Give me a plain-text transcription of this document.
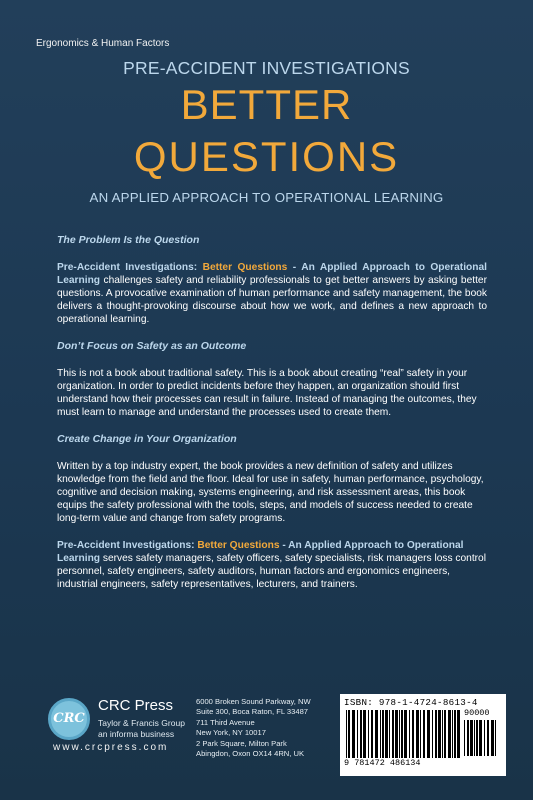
Ergonomics & Human Factors
PRE-ACCIDENT INVESTIGATIONS
BETTER
QUESTIONS
AN APPLIED APPROACH TO OPERATIONAL LEARNING
The Problem Is the Question
Pre-Accident Investigations: Better Questions - An Applied Approach to Operational Learning challenges safety and reliability professionals to get better answers by asking better questions. A provocative examination of human performance and safety management, the book delivers a thought-provoking discourse about how we work, and defines a new approach to operational learning.
Don’t Focus on Safety as an Outcome
This is not a book about traditional safety. This is a book about creating “real” safety in your organization. In order to predict incidents before they happen, an organization should first understand how their processes can result in failure. Instead of managing the outcomes, they must learn to manage and understand the processes used to create them.
Create Change in Your Organization
Written by a top industry expert, the book provides a new definition of safety and utilizes knowledge from the field and the floor. Ideal for use in safety, human performance, psychology, cognitive and decision making, systems engineering, and risk assessment areas, this book equips the safety professional with the tools, steps, and models of success needed to create long-term value and change from safety programs.
Pre-Accident Investigations: Better Questions - An Applied Approach to Operational Learning serves safety managers, safety officers, safety specialists, risk managers loss control personnel, safety engineers, safety auditors, human factors and ergonomics engineers, industrial engineers, safety representatives, lecturers, and trainers.
CRC
CRC Press
Taylor & Francis Group
an informa business
www.crcpress.com
6000 Broken Sound Parkway, NW
Suite 300, Boca Raton, FL 33487
711 Third Avenue
New York, NY 10017
2 Park Square, Milton Park
Abingdon, Oxon OX14 4RN, UK
ISBN: 978-1-4724-8613-4
90000
9 781472 486134
